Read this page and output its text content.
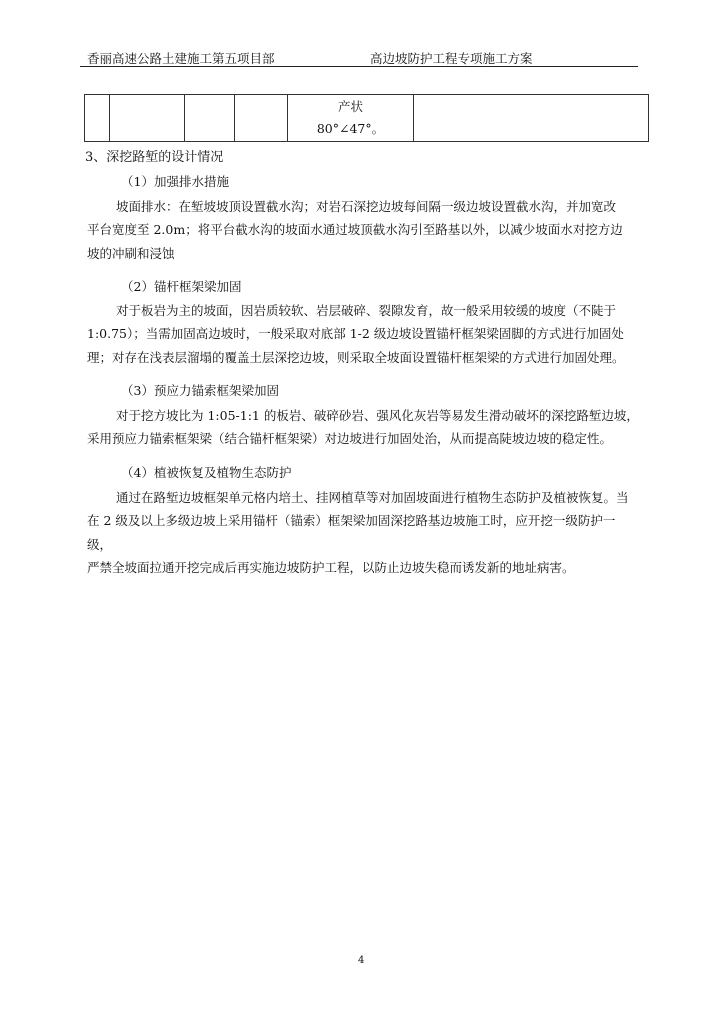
香丽高速公路土建施工第五项目部	高边坡防护工程专项施工方案

产状
80°∠47°。

3、深挖路堑的设计情况
（1）加强排水措施
坡面排水：在堑坡坡顶设置截水沟；对岩石深挖边坡每间隔一级边坡设置截水沟，并加宽改
平台宽度至 2.0m；将平台截水沟的坡面水通过坡顶截水沟引至路基以外，以减少坡面水对挖方边
坡的冲刷和浸蚀
（2）锚杆框架梁加固
对于板岩为主的坡面，因岩质较软、岩层破碎、裂隙发育，故一般采用较缓的坡度（不陡于
1:0.75）；当需加固高边坡时，一般采取对底部 1-2 级边坡设置锚杆框架梁固脚的方式进行加固处
理；对存在浅表层溜塌的覆盖土层深挖边坡，则采取全坡面设置锚杆框架梁的方式进行加固处理。
（3）预应力锚索框架梁加固
对于挖方坡比为 1:05-1:1 的板岩、破碎砂岩、强风化灰岩等易发生滑动破坏的深挖路堑边坡，
采用预应力锚索框架梁（结合锚杆框架梁）对边坡进行加固处治，从而提高陡坡边坡的稳定性。
（4）植被恢复及植物生态防护
通过在路堑边坡框架单元格内培土、挂网植草等对加固坡面进行植物生态防护及植被恢复。当
在 2 级及以上多级边坡上采用锚杆（锚索）框架梁加固深挖路基边坡施工时，应开挖一级防护一级，
严禁全坡面拉通开挖完成后再实施边坡防护工程，以防止边坡失稳而诱发新的地址病害。
4
